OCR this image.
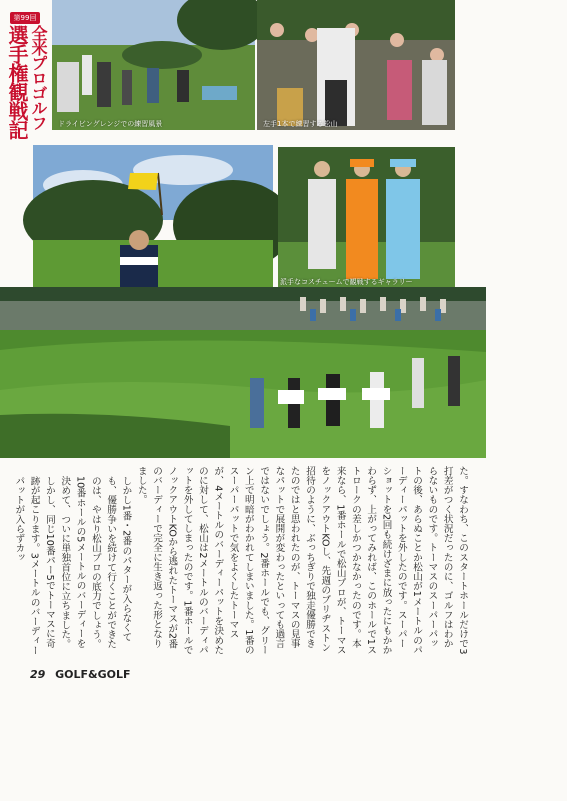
第99回
全米プロゴルフ
選手権観戦記	ドライビングレンジでの練習風景	左手1本で練習する松山
派手なコスチュームで観戦するギャラリー

た。すなわち、このスタートホールだけで3打差がつく状況だったのに、ゴルフはわからないものです。トーマスのスーパーパットの後、あらぬことか松山が1メートルのパーディーパットを外したのです。スーパーショットを2回も続けざまに放ったにもかかわらず、上がってみれば、このホールで1ストロークの差しかつかなかったのです。本来なら、1番ホールで松山プロが、トーマスをノックアウトKOし、先週のブリヂストン招待のように、ぶっちぎりで独走優勝できたのではと思われたのが、トーマスの見事なパットで展開が変わったといっても過言ではないでしょう。2番ホールでも、グリーン上で明暗がわかれてしまいました。1番のスーパーパットで気をよくしたトーマスが、4メートルのバーディーパットを決めたのに対して、松山は2メートルのバーディパットを外してしまったのです。1番ホールでノックアウトKOから逃れたトーマスが2番のバーディーで完全に生き返った形となりました。

しかし1番・2番のパターが入らなくても、優勝争いを続けて行くことができたのは、やはり松山プロの底力でしょう。10番ホールの5メートルのバーディーを決めて、ついに単独首位に立ちました。しかし、同じ10番パー5でトーマスに奇跡が起こります。3メートルのバーディーパットが入らずカッ

29 GOLF&GOLF
